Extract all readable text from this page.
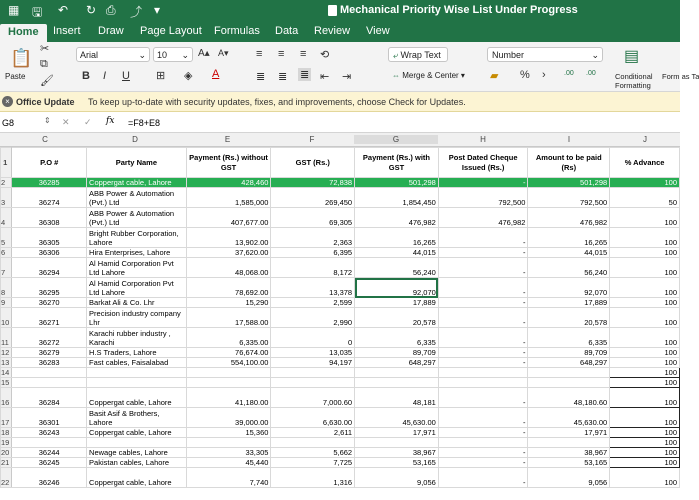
▦ 🖫 ↶ ↻ ⎙ ⤴ ▾	Mechanical Priority Wise List Under Progress
Home	Insert Draw Page Layout Formulas Data Review View
📋
Paste
✂
⧉
🖌
Arial	⌄	10 ⌄ A▴ A▾
B I U ⊞ ◈ A
≡ ≡ ≡ ⟲
≣ ≣ ≣ ⇤ ⇥
⤶ Wrap Text
⇔ Merge & Center ▾
Number	⌄
▰ % ›	.00 .00
▤
Conditional Formatting
Form as Ta
× Office Update To keep up-to-date with security updates, fixes, and improvements, choose Check for Updates.
G8	⇕ ✕ ✓ fx =F8+E8
C	D	E	F	G	H	I	J
1	P.O #	Party Name	Payment (Rs.) without GST	GST (Rs.)	Payment (Rs.) with GST	Post Dated Cheque Issued (Rs.)	Amount to be paid (Rs)	% Advance
2	36285	Coppergat cable, Lahore	428,460	72,838	501,298	-	501,298	100
3	36274	ABB Power & Automation (Pvt.) Ltd	1,585,000	269,450	1,854,450	792,500	792,500	50
4	36308	ABB Power & Automation (Pvt.) Ltd	407,677.00	69,305	476,982	476,982	476,982	100
5	36305	Bright Rubber Corporation, Lahore	13,902.00	2,363	16,265	-	16,265	100
6	36306	Hira Enterprises, Lahore	37,620.00	6,395	44,015	-	44,015	100
7	36294	Al Hamid Corporation Pvt Ltd Lahore	48,068.00	8,172	56,240	-	56,240	100
8	36295	Al Hamid Corporation Pvt Ltd Lahore	78,692.00	13,378	92,070	-	92,070	100
9	36270	Barkat Ali & Co. Lhr	15,290	2,599	17,889	-	17,889	100
10	36271	Precision industry company Lhr	17,588.00	2,990	20,578	-	20,578	100
11	36272	Karachi rubber industry , Karachi	6,335.00	0	6,335	-	6,335	100
12	36279	H.S Traders, Lahore	76,674.00	13,035	89,709	-	89,709	100
13	36283	Fast cables, Faisalabad	554,100.00	94,197	648,297	-	648,297	100
14								100
15								100
16	36284	Coppergat cable, Lahore	41,180.00	7,000.60	48,181	-	48,180.60	100
17	36301	Basit Asif & Brothers, Lahore	39,000.00	6,630.00	45,630.00	-	45,630.00	100
18	36243	Coppergat cable, Lahore	15,360	2,611	17,971	-	17,971	100
19								100
20	36244	Newage cables, Lahore	33,305	5,662	38,967	-	38,967	100
21	36245	Pakistan cables, Lahore	45,440	7,725	53,165	-	53,165	100
22	36246	Coppergat cable, Lahore	7,740	1,316	9,056	-	9,056	100
